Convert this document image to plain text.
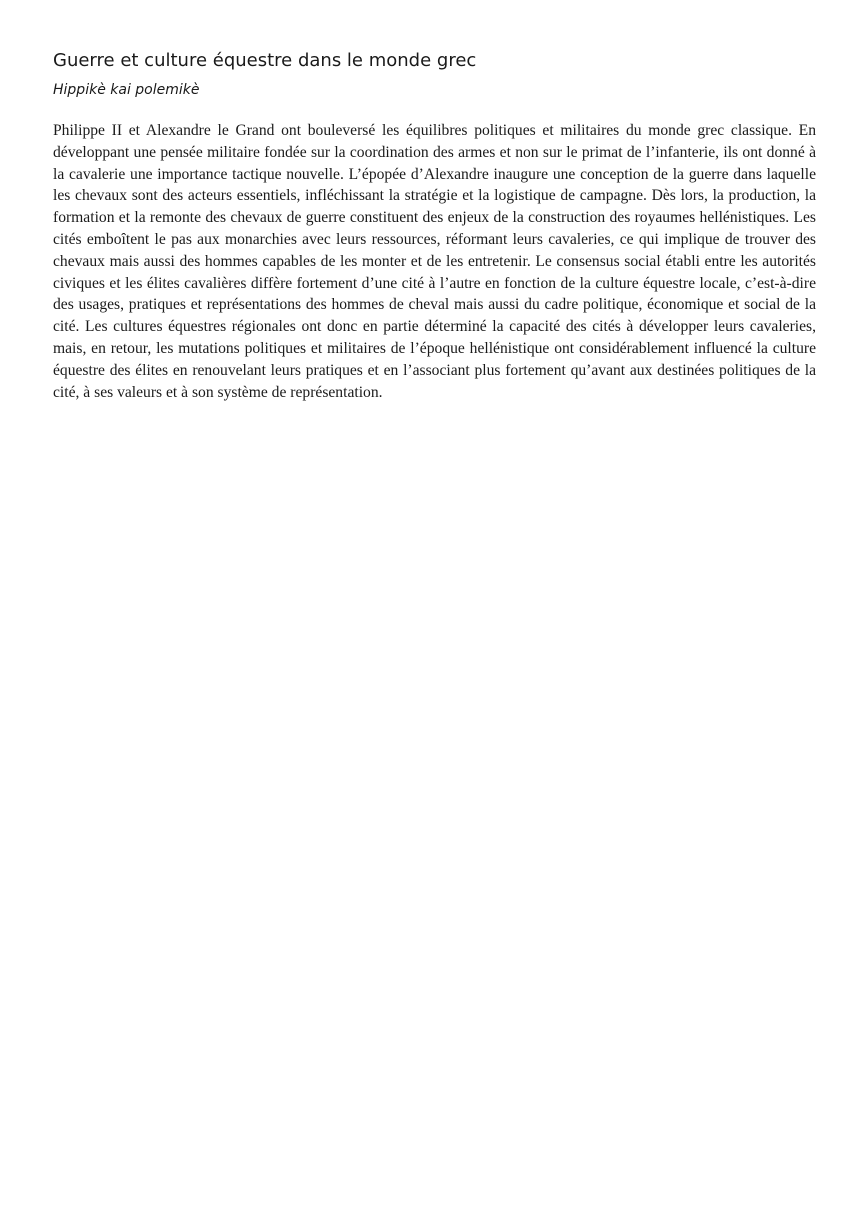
Guerre et culture équestre dans le monde grec

Hippikè kai polemikè

Philippe II et Alexandre le Grand ont bouleversé les équilibres politiques et militaires du monde grec classique. En développant une pensée militaire fondée sur la coordination des armes et non sur le primat de l’infanterie, ils ont donné à la cavalerie une importance tactique nouvelle. L’épopée d’Alexandre inaugure une conception de la guerre dans laquelle les chevaux sont des acteurs essentiels, infléchissant la stratégie et la logistique de campagne. Dès lors, la production, la formation et la remonte des chevaux de guerre constituent des enjeux de la construction des royaumes hellénistiques. Les cités emboîtent le pas aux monarchies avec leurs ressources, réformant leurs cavaleries, ce qui implique de trouver des chevaux mais aussi des hommes capables de les monter et de les entretenir. Le consensus social établi entre les autorités civiques et les élites cavalières diffère fortement d’une cité à l’autre en fonction de la culture équestre locale, c’est-à-dire des usages, pratiques et représentations des hommes de cheval mais aussi du cadre politique, économique et social de la cité. Les cultures équestres régionales ont donc en partie déterminé la capacité des cités à développer leurs cavaleries, mais, en retour, les mutations politiques et militaires de l’époque hellénistique ont considérablement influencé la culture équestre des élites en renouvelant leurs pratiques et en l’associant plus fortement qu’avant aux destinées politiques de la cité, à ses valeurs et à son système de représentation.
